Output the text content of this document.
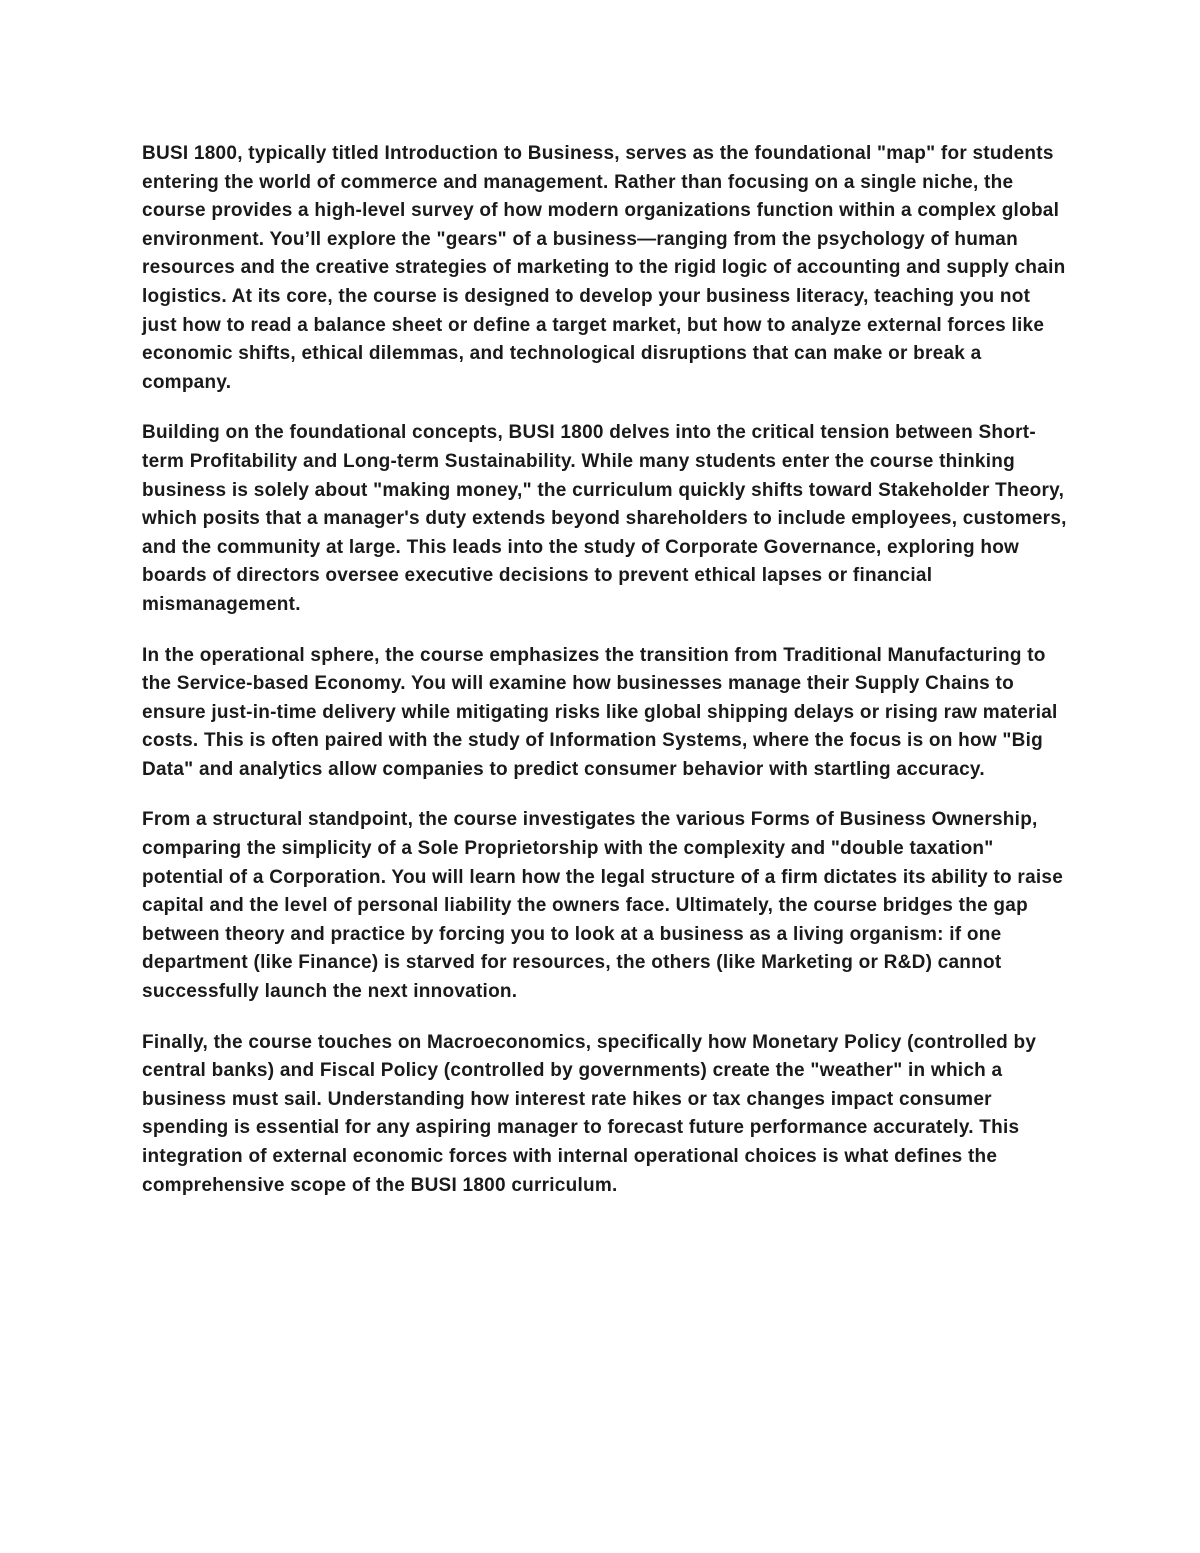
BUSI 1800, typically titled Introduction to Business, serves as the foundational "map" for students entering the world of commerce and management. Rather than focusing on a single niche, the course provides a high-level survey of how modern organizations function within a complex global environment. You’ll explore the "gears" of a business—ranging from the psychology of human resources and the creative strategies of marketing to the rigid logic of accounting and supply chain logistics. At its core, the course is designed to develop your business literacy, teaching you not just how to read a balance sheet or define a target market, but how to analyze external forces like economic shifts, ethical dilemmas, and technological disruptions that can make or break a company.

Building on the foundational concepts, BUSI 1800 delves into the critical tension between Short-term Profitability and Long-term Sustainability. While many students enter the course thinking business is solely about "making money," the curriculum quickly shifts toward Stakeholder Theory, which posits that a manager's duty extends beyond shareholders to include employees, customers, and the community at large. This leads into the study of Corporate Governance, exploring how boards of directors oversee executive decisions to prevent ethical lapses or financial mismanagement.

In the operational sphere, the course emphasizes the transition from Traditional Manufacturing to the Service-based Economy. You will examine how businesses manage their Supply Chains to ensure just-in-time delivery while mitigating risks like global shipping delays or rising raw material costs. This is often paired with the study of Information Systems, where the focus is on how "Big Data" and analytics allow companies to predict consumer behavior with startling accuracy.

From a structural standpoint, the course investigates the various Forms of Business Ownership, comparing the simplicity of a Sole Proprietorship with the complexity and "double taxation" potential of a Corporation. You will learn how the legal structure of a firm dictates its ability to raise capital and the level of personal liability the owners face. Ultimately, the course bridges the gap between theory and practice by forcing you to look at a business as a living organism: if one department (like Finance) is starved for resources, the others (like Marketing or R&D) cannot successfully launch the next innovation.

Finally, the course touches on Macroeconomics, specifically how Monetary Policy (controlled by central banks) and Fiscal Policy (controlled by governments) create the "weather" in which a business must sail. Understanding how interest rate hikes or tax changes impact consumer spending is essential for any aspiring manager to forecast future performance accurately. This integration of external economic forces with internal operational choices is what defines the comprehensive scope of the BUSI 1800 curriculum.
